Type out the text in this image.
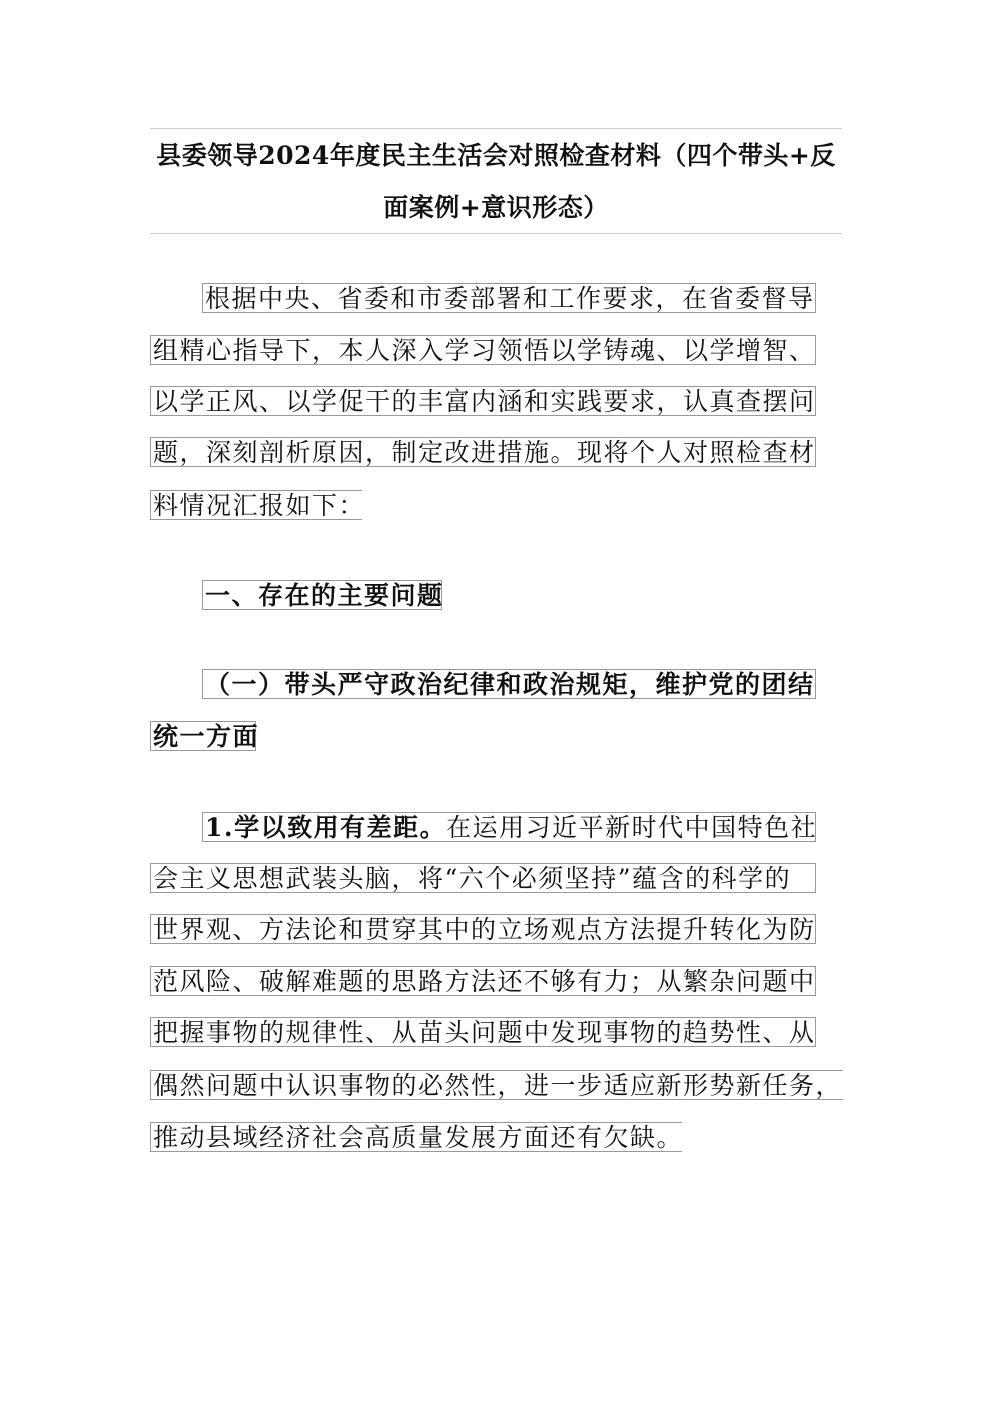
县委领导2024年度民主生活会对照检查材料（四个带头+反
面案例+意识形态）
根据中央、省委和市委部署和工作要求，在省委督导
组精心指导下，本人深入学习领悟以学铸魂、以学增智、
以学正风、以学促干的丰富内涵和实践要求，认真查摆问
题，深刻剖析原因，制定改进措施。现将个人对照检查材
料情况汇报如下：
一、存在的主要问题
（一）带头严守政治纪律和政治规矩，维护党的团结
统一方面
1.学以致用有差距。在运用习近平新时代中国特色社
会主义思想武装头脑，将“六个必须坚持”蕴含的科学的
世界观、方法论和贯穿其中的立场观点方法提升转化为防
范风险、破解难题的思路方法还不够有力；从繁杂问题中
把握事物的规律性、从苗头问题中发现事物的趋势性、从
偶然问题中认识事物的必然性，进一步适应新形势新任务，
推动县域经济社会高质量发展方面还有欠缺。
